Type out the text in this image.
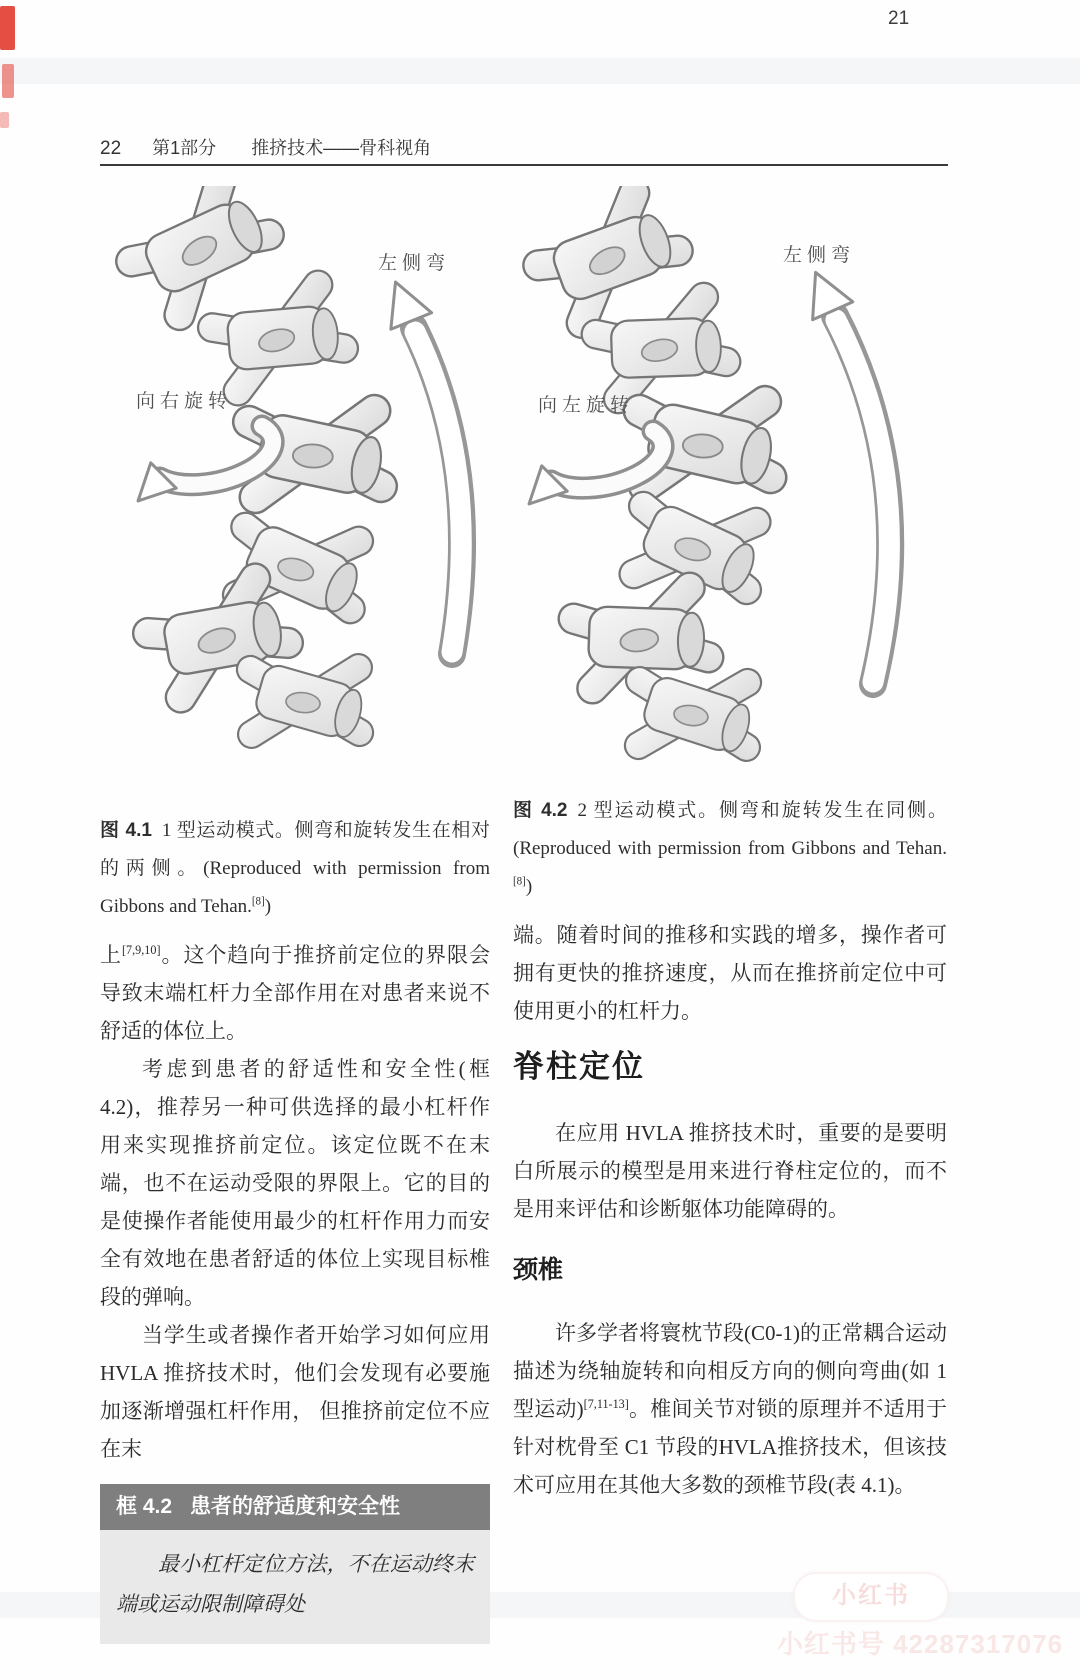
21
22 第1部分 推挤技术——骨科视角
左侧弯
向右旋转
左侧弯
向左旋转

图 4.1 1 型运动模式。侧弯和旋转发生在相对的两侧。(Reproduced with permission from Gibbons and Tehan.[8])

上[7,9,10]。这个趋向于推挤前定位的界限会导致末端杠杆力全部作用在对患者来说不舒适的体位上。

考虑到患者的舒适性和安全性(框4.2)，推荐另一种可供选择的最小杠杆作用来实现推挤前定位。该定位既不在末端，也不在运动受限的界限上。它的目的是使操作者能使用最少的杠杆作用力而安全有效地在患者舒适的体位上实现目标椎段的弹响。

当学生或者操作者开始学习如何应用 HVLA 推挤技术时，他们会发现有必要施加逐渐增强杠杆作用， 但推挤前定位不应在末

框 4.2 患者的舒适度和安全性

最小杠杆定位方法，不在运动终末端或运动限制障碍处

图 4.2 2 型运动模式。侧弯和旋转发生在同侧。(Reproduced with permission from Gibbons and Tehan.[8])

端。随着时间的推移和实践的增多，操作者可拥有更快的推挤速度，从而在推挤前定位中可使用更小的杠杆力。

脊柱定位

在应用 HVLA 推挤技术时，重要的是要明白所展示的模型是用来进行脊柱定位的，而不是用来评估和诊断躯体功能障碍的。

颈椎

许多学者将寰枕节段(C0-1)的正常耦合运动描述为绕轴旋转和向相反方向的侧向弯曲(如 1 型运动)[7,11-13]。椎间关节对锁的原理并不适用于针对枕骨至 C1 节段的HVLA推挤技术，但该技术可应用在其他大多数的颈椎节段(表 4.1)。

小红书
小红书号 42287317076
